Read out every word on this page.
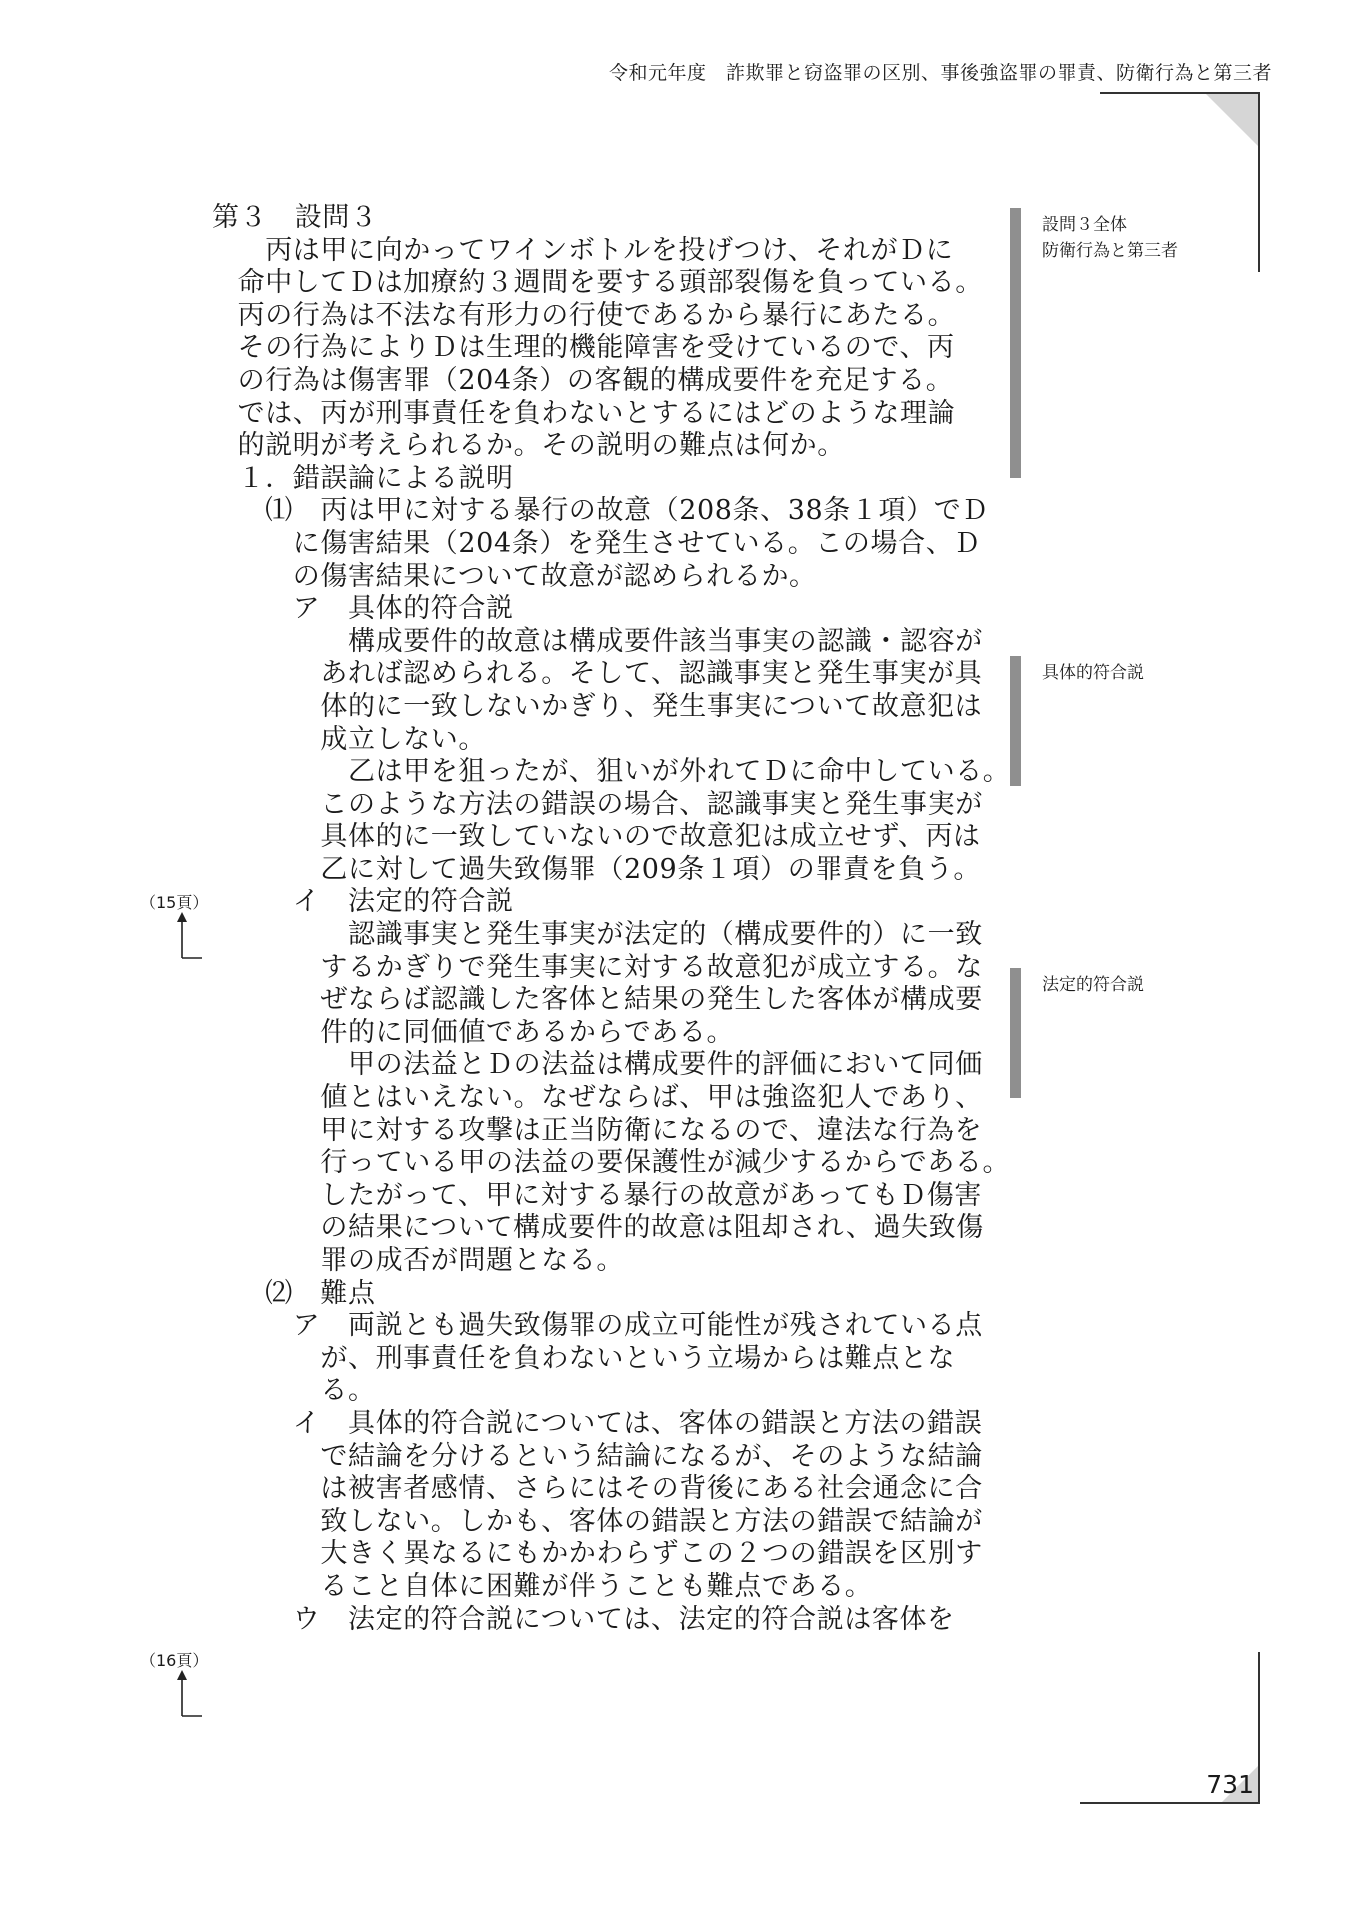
令和元年度　詐欺罪と窃盗罪の区別、事後強盗罪の罪責、防衛行為と第三者
第３　設問３
　　丙は甲に向かってワインボトルを投げつけ、それがＤに
　命中してＤは加療約３週間を要する頭部裂傷を負っている。
　丙の行為は不法な有形力の行使であるから暴行にあたる。
　その行為によりＤは生理的機能障害を受けているので、丙
　の行為は傷害罪（204条）の客観的構成要件を充足する。
　では、丙が刑事責任を負わないとするにはどのような理論
　的説明が考えられるか。その説明の難点は何か。
　１．錯誤論による説明
　　⑴　丙は甲に対する暴行の故意（208条、38条１項）でＤ
　　　に傷害結果（204条）を発生させている。この場合、Ｄ
　　　の傷害結果について故意が認められるか。
　　　ア　具体的符合説
　　　　　構成要件的故意は構成要件該当事実の認識・認容が
　　　　あれば認められる。そして、認識事実と発生事実が具
　　　　体的に一致しないかぎり、発生事実について故意犯は
　　　　成立しない。
　　　　　乙は甲を狙ったが、狙いが外れてＤに命中している。
　　　　このような方法の錯誤の場合、認識事実と発生事実が
　　　　具体的に一致していないので故意犯は成立せず、丙は
　　　　乙に対して過失致傷罪（209条１項）の罪責を負う。
　　　イ　法定的符合説
　　　　　認識事実と発生事実が法定的（構成要件的）に一致
　　　　するかぎりで発生事実に対する故意犯が成立する。な
　　　　ぜならば認識した客体と結果の発生した客体が構成要
　　　　件的に同価値であるからである。
　　　　　甲の法益とＤの法益は構成要件的評価において同価
　　　　値とはいえない。なぜならば、甲は強盗犯人であり、
　　　　甲に対する攻撃は正当防衛になるので、違法な行為を
　　　　行っている甲の法益の要保護性が減少するからである。
　　　　したがって、甲に対する暴行の故意があってもＤ傷害
　　　　の結果について構成要件的故意は阻却され、過失致傷
　　　　罪の成否が問題となる。
　　⑵　難点
　　　ア　両説とも過失致傷罪の成立可能性が残されている点
　　　　が、刑事責任を負わないという立場からは難点とな
　　　　る。
　　　イ　具体的符合説については、客体の錯誤と方法の錯誤
　　　　で結論を分けるという結論になるが、そのような結論
　　　　は被害者感情、さらにはその背後にある社会通念に合
　　　　致しない。しかも、客体の錯誤と方法の錯誤で結論が
　　　　大きく異なるにもかかわらずこの２つの錯誤を区別す
　　　　ること自体に困難が伴うことも難点である。
　　　ウ　法定的符合説については、法定的符合説は客体を
設問３全体
防衛行為と第三者
具体的符合説
法定的符合説
（15頁）
（16頁）
731
